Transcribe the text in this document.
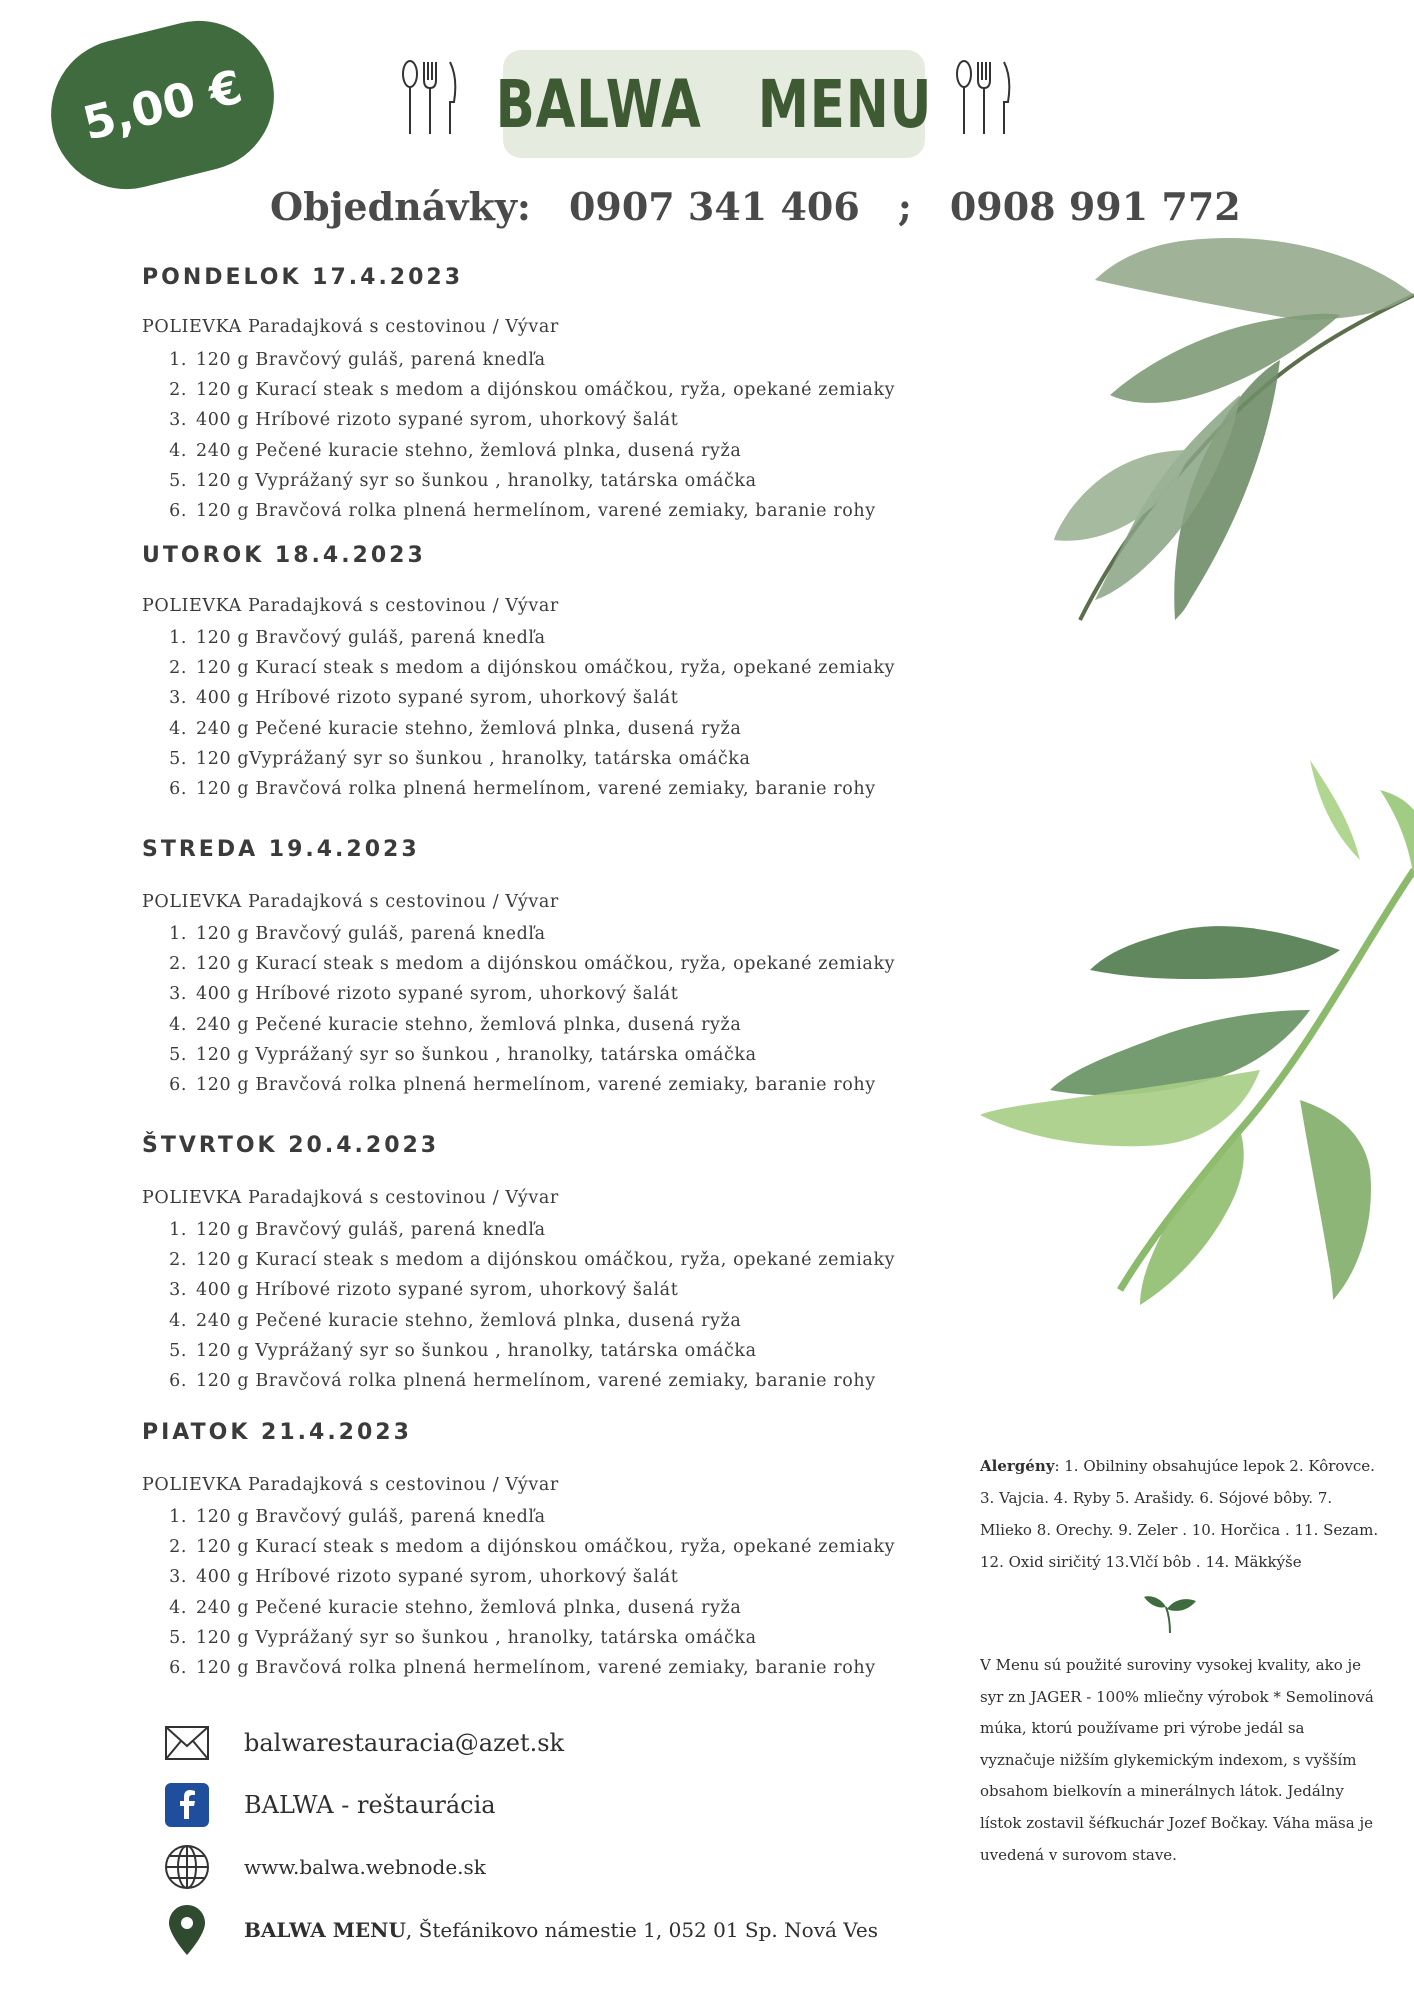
5,00 €	BALWA   MENU
Objednávky: 0907 341 406 ; 0908 991 772
PONDELOK 17.4.2023
POLIEVKA Paradajková s cestovinou / Vývar
1. 120 g Bravčový guláš, parená knedľa
2. 120 g Kurací steak s medom a dijónskou omáčkou, ryža, opekané zemiaky
3. 400 g Hríbové rizoto sypané syrom, uhorkový šalát
4. 240 g Pečené kuracie stehno, žemlová plnka, dusená ryža
5. 120 g Vyprážaný syr so šunkou , hranolky, tatárska omáčka
6. 120 g Bravčová rolka plnená hermelínom, varené zemiaky, baranie rohy
UTOROK 18.4.2023
POLIEVKA Paradajková s cestovinou / Vývar
1. 120 g Bravčový guláš, parená knedľa
2. 120 g Kurací steak s medom a dijónskou omáčkou, ryža, opekané zemiaky
3. 400 g Hríbové rizoto sypané syrom, uhorkový šalát
4. 240 g Pečené kuracie stehno, žemlová plnka, dusená ryža
5. 120 gVyprážaný syr so šunkou , hranolky, tatárska omáčka
6. 120 g Bravčová rolka plnená hermelínom, varené zemiaky, baranie rohy
STREDA 19.4.2023
POLIEVKA Paradajková s cestovinou / Vývar
1. 120 g Bravčový guláš, parená knedľa
2. 120 g Kurací steak s medom a dijónskou omáčkou, ryža, opekané zemiaky
3. 400 g Hríbové rizoto sypané syrom, uhorkový šalát
4. 240 g Pečené kuracie stehno, žemlová plnka, dusená ryža
5. 120 g Vyprážaný syr so šunkou , hranolky, tatárska omáčka
6. 120 g Bravčová rolka plnená hermelínom, varené zemiaky, baranie rohy
ŠTVRTOK 20.4.2023
POLIEVKA Paradajková s cestovinou / Vývar
1. 120 g Bravčový guláš, parená knedľa
2. 120 g Kurací steak s medom a dijónskou omáčkou, ryža, opekané zemiaky
3. 400 g Hríbové rizoto sypané syrom, uhorkový šalát
4. 240 g Pečené kuracie stehno, žemlová plnka, dusená ryža
5. 120 g Vyprážaný syr so šunkou , hranolky, tatárska omáčka
6. 120 g Bravčová rolka plnená hermelínom, varené zemiaky, baranie rohy
PIATOK 21.4.2023
POLIEVKA Paradajková s cestovinou / Vývar
1. 120 g Bravčový guláš, parená knedľa
2. 120 g Kurací steak s medom a dijónskou omáčkou, ryža, opekané zemiaky
3. 400 g Hríbové rizoto sypané syrom, uhorkový šalát
4. 240 g Pečené kuracie stehno, žemlová plnka, dusená ryža
5. 120 g Vyprážaný syr so šunkou , hranolky, tatárska omáčka
6. 120 g Bravčová rolka plnená hermelínom, varené zemiaky, baranie rohy
Alergény: 1. Obilniny obsahujúce lepok 2. Kôrovce. 3. Vajcia. 4. Ryby 5. Arašidy. 6. Sójové bôby. 7. Mlieko 8. Orechy. 9. Zeler . 10. Horčica . 11. Sezam. 12. Oxid siričitý 13.Vlčí bôb . 14. Mäkkýše
V Menu sú použité suroviny vysokej kvality, ako je syr zn JAGER - 100% mliečny výrobok * Semolinová múka, ktorú používame pri výrobe jedál sa vyznačuje nižším glykemickým indexom, s vyšším obsahom bielkovín a minerálnych látok. Jedálny lístok zostavil šéfkuchár Jozef Bočkay. Váha mäsa je uvedená v surovom stave.
balwarestauracia@azet.sk
BALWA - reštaurácia
www.balwa.webnode.sk
BALWA MENU, Štefánikovo námestie 1, 052 01 Sp. Nová Ves
